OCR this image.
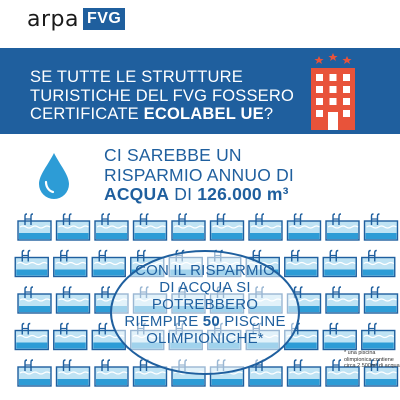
arpa FVG
SE TUTTE LE STRUTTURE
TURISTICHE DEL FVG FOSSERO
CERTIFICATE ECOLABEL UE?
CI SAREBBE UN
RISPARMIO ANNUO DI
ACQUA DI 126.000 m³
CON IL RISPARMIO
DI ACQUA SI
POTREBBERO
RIEMPIRE 50 PISCINE
OLIMPIONICHE*
* una piscina
olimpionica contiene
circa 2.500m³ di acqua
